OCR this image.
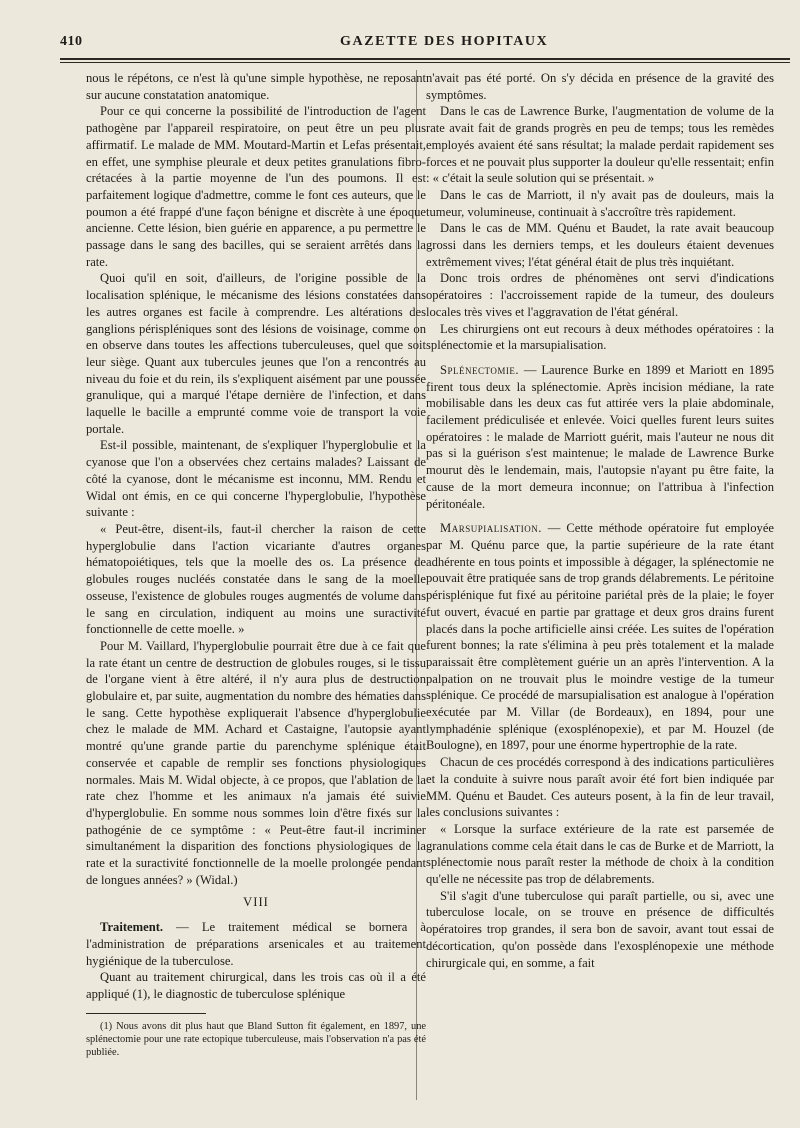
410	GAZETTE DES HOPITAUX

nous le répétons, ce n'est là qu'une simple hypothèse, ne reposant sur aucune constatation anatomique.

Pour ce qui concerne la possibilité de l'introduction de l'agent pathogène par l'appareil respiratoire, on peut être un peu plus affirmatif. Le malade de MM. Moutard-Martin et Lefas présentait, en effet, une symphise pleurale et deux petites granulations fibro-crétacées à la partie moyenne de l'un des poumons. Il est parfaitement logique d'admettre, comme le font ces auteurs, que le poumon a été frappé d'une façon bénigne et discrète à une époque ancienne. Cette lésion, bien guérie en apparence, a pu permettre le passage dans le sang des bacilles, qui se seraient arrêtés dans la rate.

Quoi qu'il en soit, d'ailleurs, de l'origine possible de la localisation splénique, le mécanisme des lésions constatées dans les autres organes est facile à comprendre. Les altérations des ganglions périspléniques sont des lésions de voisinage, comme on en observe dans toutes les affections tuberculeuses, quel que soit leur siège. Quant aux tubercules jeunes que l'on a rencontrés au niveau du foie et du rein, ils s'expliquent aisément par une poussée granulique, qui a marqué l'étape dernière de l'infection, et dans laquelle le bacille a emprunté comme voie de transport la voie portale.

Est-il possible, maintenant, de s'expliquer l'hyperglobulie et la cyanose que l'on a observées chez certains malades? Laissant de côté la cyanose, dont le mécanisme est inconnu, MM. Rendu et Widal ont émis, en ce qui concerne l'hyperglobulie, l'hypothèse suivante :

« Peut-être, disent-ils, faut-il chercher la raison de cette hyperglobulie dans l'action vicariante d'autres organes hématopoiétiques, tels que la moelle des os. La présence de globules rouges nucléés constatée dans le sang de la moelle osseuse, l'existence de globules rouges augmentés de volume dans le sang en circulation, indiquent au moins une suractivité fonctionnelle de cette moelle. »

Pour M. Vaillard, l'hyperglobulie pourrait être due à ce fait que la rate étant un centre de destruction de globules rouges, si le tissu de l'organe vient à être altéré, il n'y aura plus de destruction globulaire et, par suite, augmentation du nombre des hématies dans le sang. Cette hypothèse expliquerait l'absence d'hyperglobulie chez le malade de MM. Achard et Castaigne, l'autopsie ayant montré qu'une grande partie du parenchyme splénique était conservée et capable de remplir ses fonctions physiologiques normales. Mais M. Widal objecte, à ce propos, que l'ablation de la rate chez l'homme et les animaux n'a jamais été suivie d'hyperglobulie. En somme nous sommes loin d'être fixés sur la pathogénie de ce symptôme : « Peut-être faut-il incriminer simultanément la disparition des fonctions physiologiques de la rate et la suractivité fonctionnelle de la moelle prolongée pendant de longues années? » (Widal.)

VIII

Traitement. — Le traitement médical se bornera à l'administration de préparations arsenicales et au traitement hygiénique de la tuberculose.

Quant au traitement chirurgical, dans les trois cas où il a été appliqué (1), le diagnostic de tuberculose splénique

(1) Nous avons dit plus haut que Bland Sutton fit également, en 1897, une splénectomie pour une rate ectopique tuberculeuse, mais l'observation n'a pas été publiée.

n'avait pas été porté. On s'y décida en présence de la gravité des symptômes.

Dans le cas de Lawrence Burke, l'augmentation de volume de la rate avait fait de grands progrès en peu de temps; tous les remèdes employés avaient été sans résultat; la malade perdait rapidement ses forces et ne pouvait plus supporter la douleur qu'elle ressentait; enfin : « c'était la seule solution qui se présentait. »

Dans le cas de Marriott, il n'y avait pas de douleurs, mais la tumeur, volumineuse, continuait à s'accroître très rapidement.

Dans le cas de MM. Quénu et Baudet, la rate avait beaucoup grossi dans les derniers temps, et les douleurs étaient devenues extrêmement vives; l'état général était de plus très inquiétant.

Donc trois ordres de phénomènes ont servi d'indications opératoires : l'accroissement rapide de la tumeur, des douleurs locales très vives et l'aggravation de l'état général.

Les chirurgiens ont eut recours à deux méthodes opératoires : la splénectomie et la marsupialisation.

Splénectomie. — Laurence Burke en 1899 et Mariott en 1895 firent tous deux la splénectomie. Après incision médiane, la rate mobilisable dans les deux cas fut attirée vers la plaie abdominale, facilement prédiculisée et enlevée. Voici quelles furent leurs suites opératoires : le malade de Marriott guérit, mais l'auteur ne nous dit pas si la guérison s'est maintenue; le malade de Lawrence Burke mourut dès le lendemain, mais, l'autopsie n'ayant pu être faite, la cause de la mort demeura inconnue; on l'attribua à l'infection péritonéale.

Marsupialisation. — Cette méthode opératoire fut employée par M. Quénu parce que, la partie supérieure de la rate étant adhérente en tous points et impossible à dégager, la splénectomie ne pouvait être pratiquée sans de trop grands délabrements. Le péritoine périsplénique fut fixé au péritoine pariétal près de la plaie; le foyer fut ouvert, évacué en partie par grattage et deux gros drains furent placés dans la poche artificielle ainsi créée. Les suites de l'opération furent bonnes; la rate s'élimina à peu près totalement et la malade paraissait être complètement guérie un an après l'intervention. A la palpation on ne trouvait plus le moindre vestige de la tumeur splénique. Ce procédé de marsupialisation est analogue à l'opération exécutée par M. Villar (de Bordeaux), en 1894, pour une lymphadénie splénique (exosplénopexie), et par M. Houzel (de Boulogne), en 1897, pour une énorme hypertrophie de la rate.

Chacun de ces procédés correspond à des indications particulières et la conduite à suivre nous paraît avoir été fort bien indiquée par MM. Quénu et Baudet. Ces auteurs posent, à la fin de leur travail, les conclusions suivantes :

« Lorsque la surface extérieure de la rate est parsemée de granulations comme cela était dans le cas de Burke et de Marriott, la splénectomie nous paraît rester la méthode de choix à la condition qu'elle ne nécessite pas trop de délabrements.

S'il s'agit d'une tuberculose qui paraît partielle, ou si, avec une tuberculose locale, on se trouve en présence de difficultés opératoires trop grandes, il sera bon de savoir, avant tout essai de décortication, qu'on possède dans l'exosplénopexie une méthode chirurgicale qui, en somme, a fait
